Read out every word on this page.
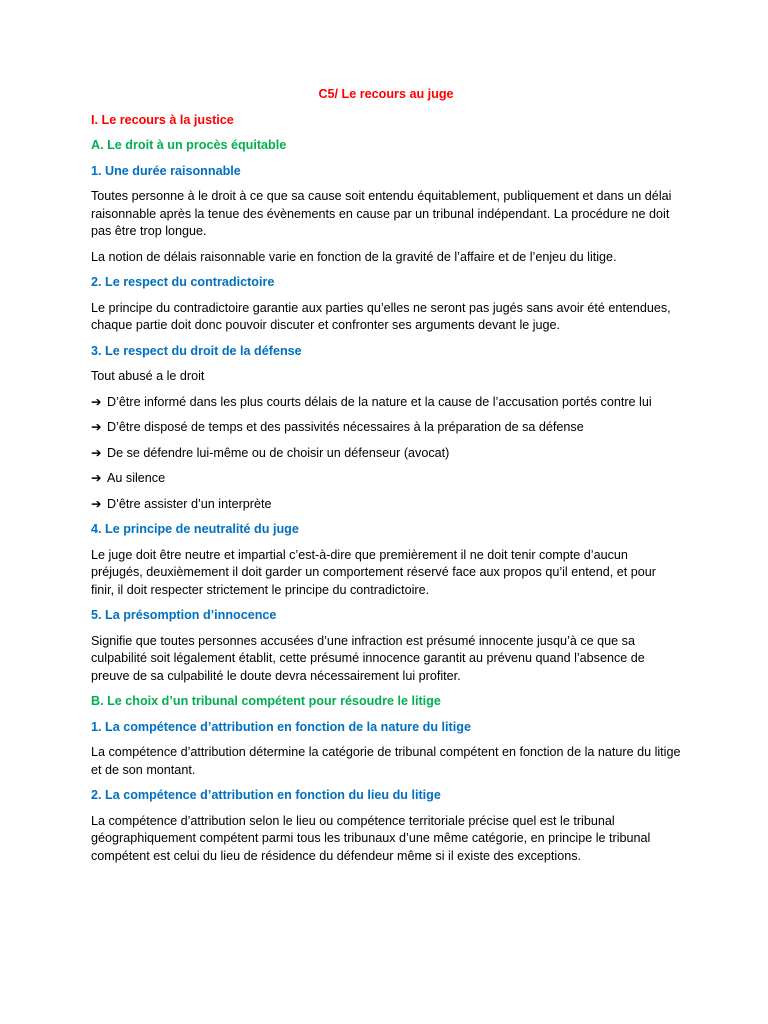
C5/ Le recours au juge
I. Le recours à la justice
A. Le droit à un procès équitable
1. Une durée raisonnable
Toutes personne à le droit à ce que sa cause soit entendu équitablement, publiquement et dans un délai raisonnable après la tenue des évènements en cause par un tribunal indépendant. La procédure ne doit pas être trop longue.
La notion de délais raisonnable varie en fonction de la gravité de l’affaire et de l’enjeu du litige.
2. Le respect du contradictoire
Le principe du contradictoire garantie aux parties qu’elles ne seront pas jugés sans avoir été entendues, chaque partie doit donc pouvoir discuter et confronter ses arguments devant le juge.
3. Le respect du droit de la défense
Tout abusé a le droit
➔ D’être informé dans les plus courts délais de la nature et la cause de l’accusation portés contre lui
➔ D’être disposé de temps et des passivités nécessaires à la préparation de sa défense
➔ De se défendre lui-même ou de choisir un défenseur (avocat)
➔ Au silence
➔ D’être assister d’un interprète
4. Le principe de neutralité du juge
Le juge doit être neutre et impartial c’est-à-dire que premièrement il ne doit tenir compte d’aucun préjugés, deuxièmement il doit garder un comportement réservé face aux propos qu’il entend, et pour finir, il doit respecter strictement le principe du contradictoire.
5. La présomption d’innocence
Signifie que toutes personnes accusées d’une infraction est présumé innocente jusqu’à ce que sa culpabilité soit légalement établit, cette présumé innocence garantit au prévenu quand l’absence de preuve de sa culpabilité le doute devra nécessairement lui profiter.
B. Le choix d’un tribunal compétent pour résoudre le litige
1. La compétence d’attribution en fonction de la nature du litige
La compétence d’attribution détermine la catégorie de tribunal compétent en fonction de la nature du litige et de son montant.
2. La compétence d’attribution en fonction du lieu du litige
La compétence d’attribution selon le lieu ou compétence territoriale précise quel est le tribunal géographiquement compétent parmi tous les tribunaux d’une même catégorie, en principe le tribunal compétent est celui du lieu de résidence du défendeur même si il existe des exceptions.
